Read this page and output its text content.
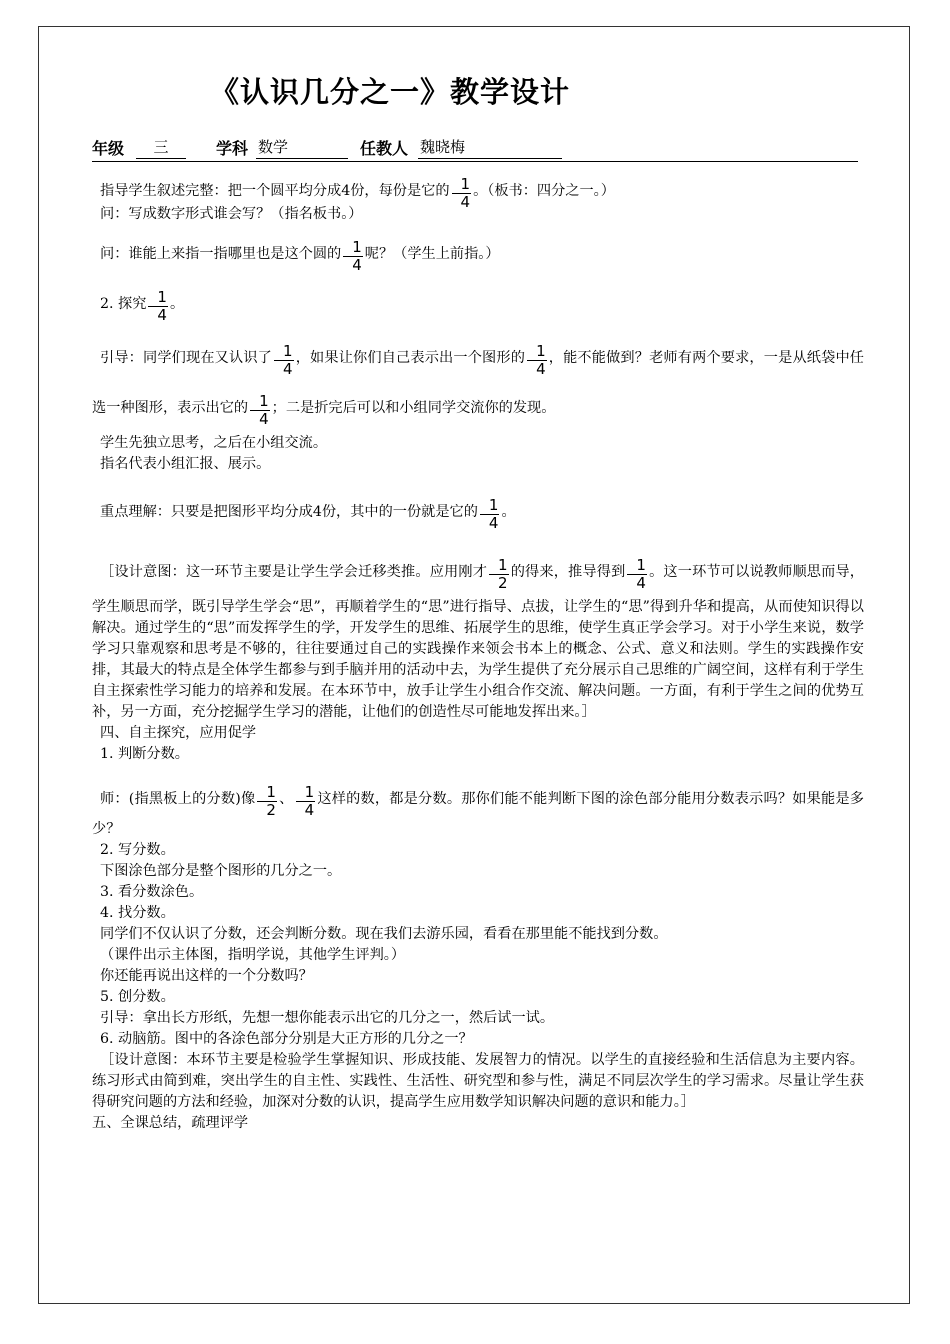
《认识几分之一》教学设计
年级	三	学科 数学	任教人 魏晓梅

指导学生叙述完整：把一个圆平均分成4份，每份是它的 $\frac{1}{4}$ 。（板书：四分之一。）

问：写成数字形式谁会写？（指名板书。）

问：谁能上来指一指哪里也是这个圆的 $\frac{1}{4}$ 呢？（学生上前指。）

2. 探究 $\frac{1}{4}$ 。

引导：同学们现在又认识了 $\frac{1}{4}$ ，如果让你们自己表示出一个图形的 $\frac{1}{4}$ ，能不能做到？老师有两个要求，一是从纸袋中任选一种图形，表示出它的 $\frac{1}{4}$ ；二是折完后可以和小组同学交流你的发现。

学生先独立思考，之后在小组交流。

指名代表小组汇报、展示。

重点理解：只要是把图形平均分成4份，其中的一份就是它的 $\frac{1}{4}$ 。

［设计意图：这一环节主要是让学生学会迁移类推。应用刚才 $\frac{1}{2}$ 的得来，推导得到 $\frac{1}{4}$ 。这一环节可以说教师顺思而导，学生顺思而学，既引导学生学会“思”，再顺着学生的“思”进行指导、点拔，让学生的“思”得到升华和提高，从而使知识得以解决。通过学生的“思”而发挥学生的学，开发学生的思维、拓展学生的思维，使学生真正学会学习。对于小学生来说，数学学习只靠观察和思考是不够的，往往要通过自己的实践操作来领会书本上的概念、公式、意义和法则。学生的实践操作安排，其最大的特点是全体学生都参与到手脑并用的活动中去，为学生提供了充分展示自己思维的广阔空间，这样有利于学生自主探索性学习能力的培养和发展。在本环节中，放手让学生小组合作交流、解决问题。一方面，有利于学生之间的优势互补，另一方面，充分挖掘学生学习的潜能，让他们的创造性尽可能地发挥出来。］

四、自主探究，应用促学

1. 判断分数。

师：(指黑板上的分数)像 $\frac{1}{2}$ 、 $\frac{1}{4}$ 这样的数，都是分数。那你们能不能判断下图的涂色部分能用分数表示吗？如果能是多少？

2. 写分数。

下图涂色部分是整个图形的几分之一。

3. 看分数涂色。

4. 找分数。

同学们不仅认识了分数，还会判断分数。现在我们去游乐园，看看在那里能不能找到分数。

（课件出示主体图，指明学说，其他学生评判。）

你还能再说出这样的一个分数吗？

5. 创分数。

引导：拿出长方形纸，先想一想你能表示出它的几分之一，然后试一试。

6. 动脑筋。图中的各涂色部分分别是大正方形的几分之一？

［设计意图：本环节主要是检验学生掌握知识、形成技能、发展智力的情况。以学生的直接经验和生活信息为主要内容。练习形式由简到难，突出学生的自主性、实践性、生活性、研究型和参与性，满足不同层次学生的学习需求。尽量让学生获得研究问题的方法和经验，加深对分数的认识，提高学生应用数学知识解决问题的意识和能力。］

五、全课总结，疏理评学
